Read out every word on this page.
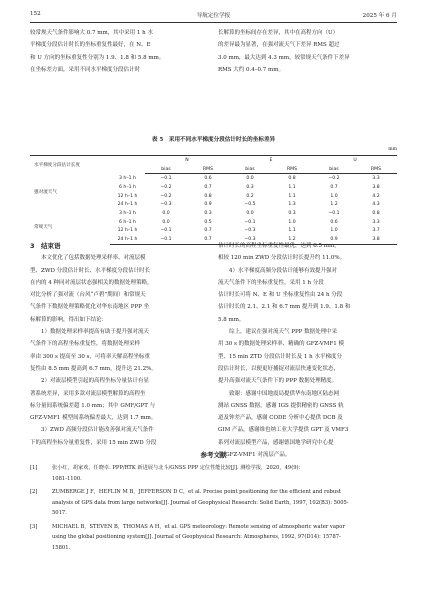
152	导航定位学报	2025 年 6 月
较常规天气条件影响大 0.7 mm，其中采用 1 h 水
平梯度分段估计时长的坐标重复性最好，在 N、E
和 U 方向的坐标重复性分别为 1.9、1.8 和 5.8 mm。
在坐标差方面，采用不同水平梯度分段估计时
长解算的坐标间存在差异，其中在高程方向（U）
的差异最为显著，在强对流天气下差异 RMS 超过
3.0 mm，最大达到 4.3 mm，较常规天气条件下差异
RMS 大约 0.4–0.7 mm。
表 5　采用不同水平梯度分段估计时长的坐标差异
mm
水平梯度分段估计长度		N		E		U	
		bias	RMS	bias	RMS	bias	RMS
强对流天气	3 h–1 h	−0.1	0.6	0.0	0.8	−0.2	3.3
	6 h–1 h	−0.2	0.7	0.3	1.1	0.7	3.8
	12 h–1 h	−0.2	0.8	0.2	1.1	1.0	4.2
	24 h–1 h	−0.3	0.9	−0.5	1.3	1.2	4.3
常规天气	3 h–1 h	0.0	0.3	0.0	0.3	−0.1	0.8
	6 h–1 h	0.0	0.5	−0.1	1.0	0.6	3.3
	12 h–1 h	−0.1	0.7	−0.3	1.1	1.0	3.7
	24 h–1 h	−0.1	0.7	−0.3	1.2	0.9	3.8
3　结束语
本文优化了包括数据处理采样率、对流层模
型、ZWD 分段估计时长、水平梯度分段估计时长
在内的 4 种同对流层状态强相关的数据处理策略，
对比分析了强对流（台风“卢碧”期间）和常规天
气条件下数据处理策略优化对华东南地区 PPP 坐
标解算的影响，得出如下结论：
1）数据处理采样率提高有助于提升强对流天
气条件下的高程坐标重复性，将数据处理采样
率由 300 s 提高至 30 s，可将率天解高程坐标重
复性由 8.5 mm 提高到 6.7 mm，提升达 21.2%。
2）对流层模型引起的高程坐标分量估计有显
著系统差异，采用多款对流层模型解算的高程坐
标分量间系统偏差超 1.0 mm；其中 GMF/GPT 与
GFZ-VMF1 模型间系统偏差最大，达到 1.7 mm。
3）ZWD 高频分段估计能改善强对流天气条件
下的高程坐标分量重复性，采用 15 min ZWD 分段
估计时长的高程坐标重复性最优，达到 6.5 mm，
相较 120 min ZWD 分段估计时长提升约 11.0%。
4）水平梯度高频分段估计能够有效提升强对
流天气条件下的坐标重复性，采用 1 h 分段
估计时长可将 N、E 和 U 坐标重复性由 24 h 分段
估计时长的 2.1、2.1 和 6.7 mm 提升到 1.9、1.8 和
5.8 mm。
综上，建议在强对流天气 PPP 数据处理中采
用 30 s 的数据处理采样率、精确的 GFZ-VMF1 模
型、15 min ZTD 分段估计时长及 1 h 水平梯度分
段估计时长，以便更好捕捉对流层快速变化状态，
提升高强对流天气条件下的 PPP 数据处理精度。
致谢：感谢中国地震局提供华东南地区陆态网
测站 GNSS 数据，感谢 IGS 提供精密的 GNSS 轨
道及钟差产品，感谢 CODE 分析中心提供 DCB 及
GIM 产品，感谢维也纳工业大学提供 GPT 及 VMF3
系列对流层模型产品，感谢德国地学研究中心提
供 GFZ-VMF1 对流层产品。
参考文献
[1]	张小红，胡家欢，任晓卓. PPP/RTK 新进展与北斗/GNSS PPP 定位性能比较[J]. 测绘学报，2020，49(9)：
1081-1100.
[2]	ZUMBERGE J F，HEFLIN M B，JEFFERSON D C，et al. Precise point positioning for the efficient and robust
analysis of GPS data from large networks[J]. Journal of Geophysical Research: Solid Earth, 1997, 102(B3): 5005-
5017.
[3]	MICHAEL B，STEVEN B，THOMAS A H，et al. GPS meteorology: Remote sensing of atmospheric water vapor
using the global positioning system[J]. Journal of Geophysical Research: Atmospheres, 1992, 97(D14): 15787-
15801.
